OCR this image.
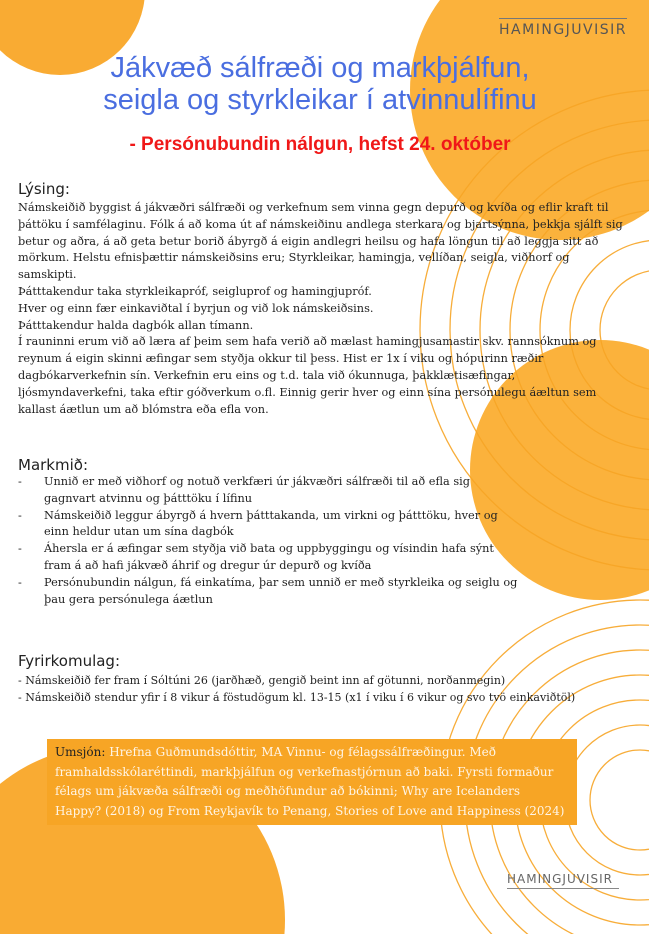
HAMINGJUVISIR
Jákvæð sálfræði og markþjálfun,
seigla og styrkleikar í atvinnulífinu
- Persónubundin nálgun, hefst 24. október
Lýsing:

Námskeiðið byggist á jákvæðri sálfræði og verkefnum sem vinna gegn depurð og kvíða og eflir kraft til þáttöku í samfélaginu. Fólk á að koma út af námskeiðinu andlega sterkara og bjartsýnna, þekkja sjálft sig betur og aðra, á að geta betur borið ábyrgð á eigin andlegri heilsu og hafa löngun til að leggja sitt að mörkum. Helstu efnisþættir námskeiðsins eru; Styrkleikar, hamingja, vellíðan, seigla, viðhorf og samskipti.

Þátttakendur taka styrkleikapróf, seigluprof og hamingjupróf.

Hver og einn fær einkaviðtal í byrjun og við lok námskeiðsins.

Þátttakendur halda dagbók allan tímann.

Í rauninni erum við að læra af þeim sem hafa verið að mælast hamingjusamastir skv. rannsóknum og reynum á eigin skinni æfingar sem styðja okkur til þess. Hist er 1x í viku og hópurinn ræðir dagbókarverkefnin sín. Verkefnin eru eins og t.d. tala við ókunnuga, þakklætisæfingar, ljósmyndaverkefni, taka eftir góðverkum o.fl. Einnig gerir hver og einn sína persónulegu áæltun sem kallast áætlun um að blómstra eða efla von.

Markmið:
- Unnið er með viðhorf og notuð verkfæri úr jákvæðri sálfræði til að efla sig gagnvart atvinnu og þátttöku í lífinu
- Námskeiðið leggur ábyrgð á hvern þátttakanda, um virkni og þátttöku, hver og einn heldur utan um sína dagbók
- Áhersla er á æfingar sem styðja við bata og uppbyggingu og vísindin hafa sýnt fram á að hafi jákvæð áhrif og dregur úr depurð og kvíða
- Persónubundin nálgun, fá einkatíma, þar sem unnið er með styrkleika og seiglu og þau gera persónulega áætlun
Fyrirkomulag:
- Námskeiðið fer fram í Sóltúni 26 (jarðhæð, gengið beint inn af götunni, norðanmegin)
- Námskeiðið stendur yfir í 8 vikur á föstudögum kl. 13-15 (x1 í viku í 6 vikur og svo tvö einkaviðtöl)
Umsjón: Hrefna Guðmundsdóttir, MA Vinnu- og félagssálfræðingur. Með framhaldsskólaréttindi, markþjálfun og verkefnastjórnun að baki. Fyrsti formaður félags um jákvæða sálfræði og meðhöfundur að bókinni; Why are Icelanders Happy? (2018) og From Reykjavík to Penang, Stories of Love and Happiness (2024)
HAMINGJUVISIR
